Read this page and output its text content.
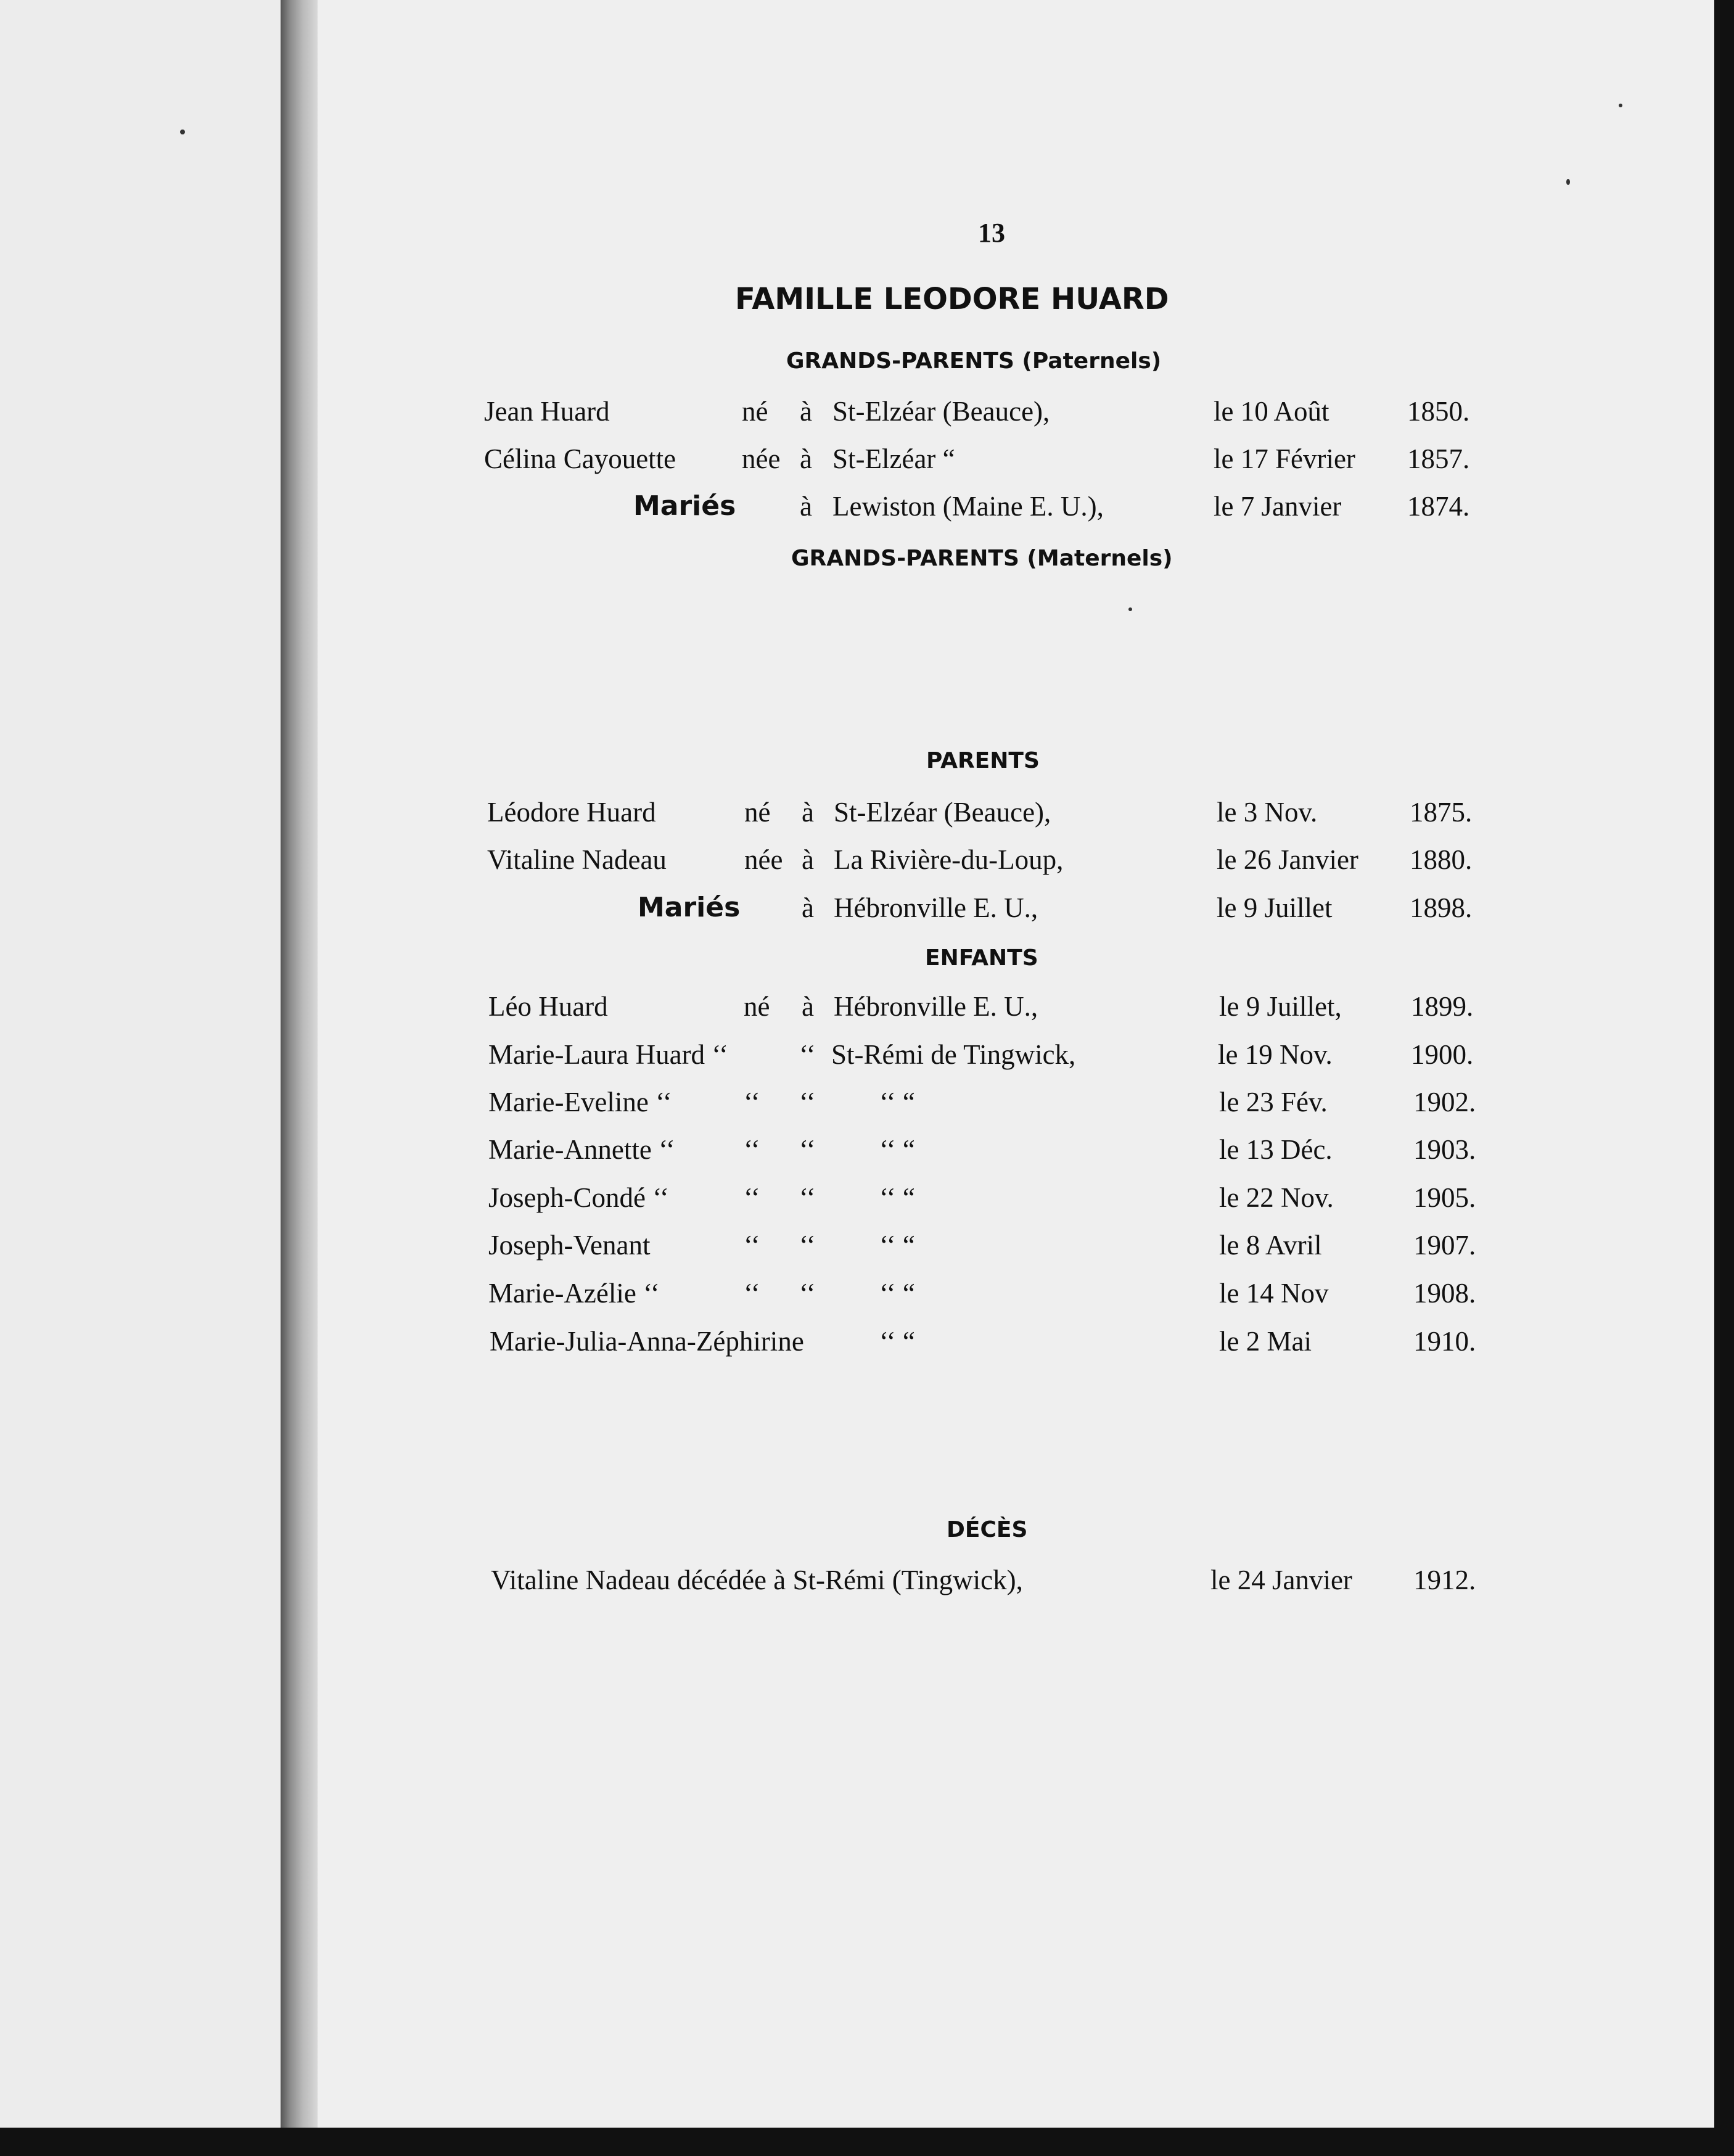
13
FAMILLE LEODORE HUARD
GRANDS-PARENTS (Paternels)
Jean Huard	né à St-Elzéar (Beauce),	le 10 Août	1850.
Célina Cayouette née à St-Elzéar “	le 17 Février 1857.
Mariés à Lewiston (Maine E. U.),	le 7 Janvier 1874.
GRANDS-PARENTS (Maternels)
PARENTS
Léodore Huard	né à St-Elzéar (Beauce),	le 3 Nov.	1875.
Vitaline Nadeau	née à La Rivière-du-Loup,	le 26 Janvier 1880.
Mariés à Hébronville E. U.,	le 9 Juillet	1898.
ENFANTS
Léo Huard	né à Hébronville E. U.,	le 9 Juillet, 1899.
Marie-Laura Huard ‘‘	‘‘ St-Rémi de Tingwick,	le 19 Nov.	1900.
Marie-Eveline ‘‘	‘‘ ‘‘ ‘‘ “	le 23 Fév.	1902.
Marie-Annette ‘‘ ‘‘ ‘‘ ‘‘ “	le 13 Déc.	1903.
Joseph-Condé ‘‘	‘‘ ‘‘ ‘‘ “	le 22 Nov.	1905.
Joseph-Venant	‘‘ ‘‘ ‘‘ “	le 8 Avril	1907.
Marie-Azélie ‘‘	‘‘ ‘‘ ‘‘ “	le 14 Nov	1908.
Marie-Julia-Anna-Zéphirine	‘‘ “	le 2 Mai	1910.
DÉCÈS
Vitaline Nadeau décédée à St-Rémi (Tingwick),	le 24 Janvier 1912.
